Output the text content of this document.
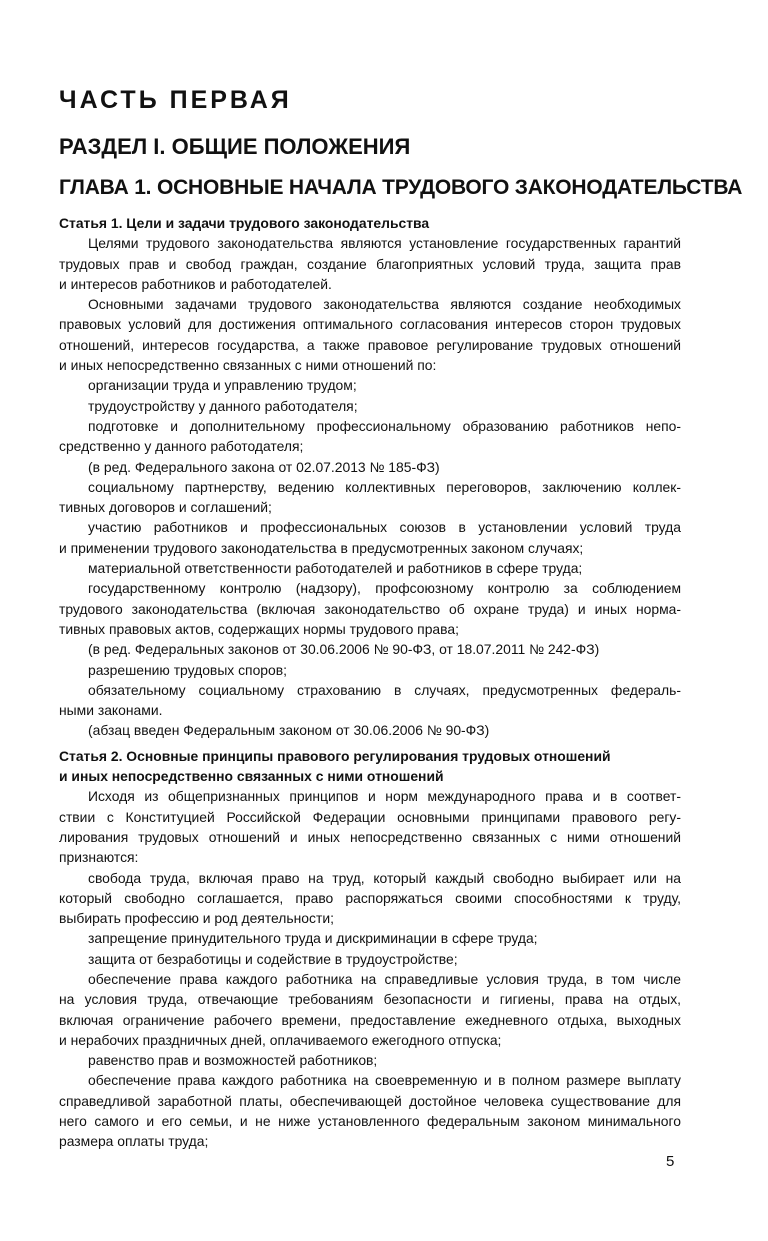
ЧАСТЬ ПЕРВАЯ
РАЗДЕЛ I. ОБЩИЕ ПОЛОЖЕНИЯ
ГЛАВА 1. ОСНОВНЫЕ НАЧАЛА ТРУДОВОГО ЗАКОНОДАТЕЛЬСТВА
Статья 1. Цели и задачи трудового законодательства
Целями трудового законодательства являются установление государственных гарантий
трудовых прав и свобод граждан, создание благоприятных условий труда, защита прав
и интересов работников и работодателей.
Основными задачами трудового законодательства являются создание необходимых
правовых условий для достижения оптимального согласования интересов сторон трудовых
отношений, интересов государства, а также правовое регулирование трудовых отношений
и иных непосредственно связанных с ними отношений по:
организации труда и управлению трудом;
трудоустройству у данного работодателя;
подготовке и дополнительному профессиональному образованию работников непо-
средственно у данного работодателя;
(в ред. Федерального закона от 02.07.2013 № 185-ФЗ)
социальному партнерству, ведению коллективных переговоров, заключению коллек-
тивных договоров и соглашений;
участию работников и профессиональных союзов в установлении условий труда
и применении трудового законодательства в предусмотренных законом случаях;
материальной ответственности работодателей и работников в сфере труда;
государственному контролю (надзору), профсоюзному контролю за соблюдением
трудового законодательства (включая законодательство об охране труда) и иных норма-
тивных правовых актов, содержащих нормы трудового права;
(в ред. Федеральных законов от 30.06.2006 № 90-ФЗ, от 18.07.2011 № 242-ФЗ)
разрешению трудовых споров;
обязательному социальному страхованию в случаях, предусмотренных федераль-
ными законами.
(абзац введен Федеральным законом от 30.06.2006 № 90-ФЗ)
Статья 2. Основные принципы правового регулирования трудовых отношений
и иных непосредственно связанных с ними отношений
Исходя из общепризнанных принципов и норм международного права и в соответ-
ствии с Конституцией Российской Федерации основными принципами правового регу-
лирования трудовых отношений и иных непосредственно связанных с ними отношений
признаются:
свобода труда, включая право на труд, который каждый свободно выбирает или на
который свободно соглашается, право распоряжаться своими способностями к труду,
выбирать профессию и род деятельности;
запрещение принудительного труда и дискриминации в сфере труда;
защита от безработицы и содействие в трудоустройстве;
обеспечение права каждого работника на справедливые условия труда, в том числе
на условия труда, отвечающие требованиям безопасности и гигиены, права на отдых,
включая ограничение рабочего времени, предоставление ежедневного отдыха, выходных
и нерабочих праздничных дней, оплачиваемого ежегодного отпуска;
равенство прав и возможностей работников;
обеспечение права каждого работника на своевременную и в полном размере выплату
справедливой заработной платы, обеспечивающей достойное человека существование для
него самого и его семьи, и не ниже установленного федеральным законом минимального
размера оплаты труда;
5
